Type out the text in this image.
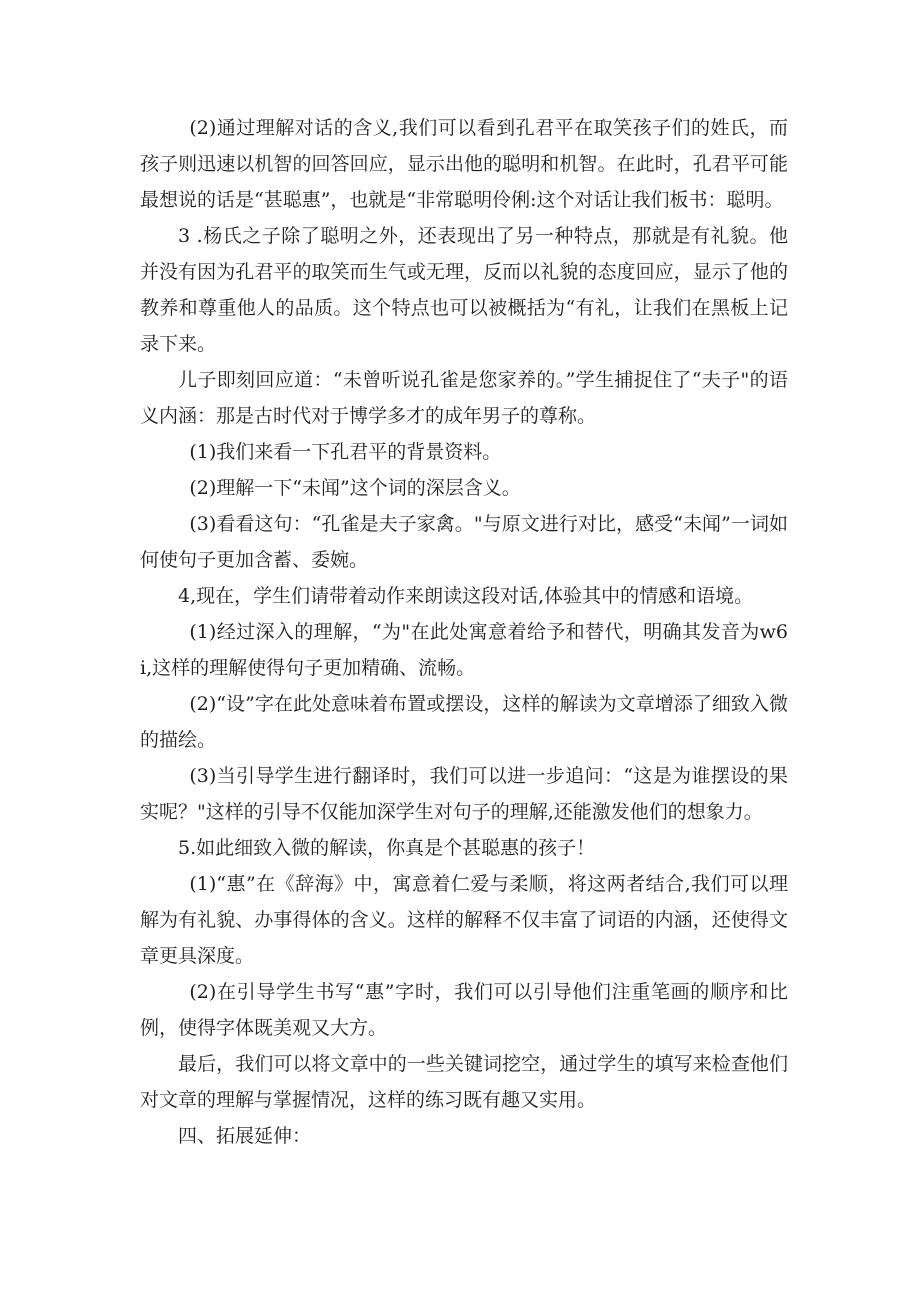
(2)通过理解对话的含义,我们可以看到孔君平在取笑孩子们的姓氏，而孩子则迅速以机智的回答回应，显示出他的聪明和机智。在此时，孔君平可能最想说的话是“甚聪惠”，也就是“非常聪明伶俐:这个对话让我们板书：聪明。

3 .杨氏之子除了聪明之外，还表现出了另一种特点，那就是有礼貌。他并没有因为孔君平的取笑而生气或无理，反而以礼貌的态度回应，显示了他的教养和尊重他人的品质。这个特点也可以被概括为“有礼，让我们在黑板上记录下来。

儿子即刻回应道：“未曾听说孔雀是您家养的。”学生捕捉住了“夫子"的语义内涵：那是古时代对于博学多才的成年男子的尊称。

(1)我们来看一下孔君平的背景资料。

(2)理解一下“未闻”这个词的深层含义。

(3)看看这句：“孔雀是夫子家禽。"与原文进行对比，感受“未闻”一词如何使句子更加含蓄、委婉。

4,现在，学生们请带着动作来朗读这段对话,体验其中的情感和语境。

(1)经过深入的理解，“为"在此处寓意着给予和替代，明确其发音为w6i,这样的理解使得句子更加精确、流畅。

(2)“设”字在此处意味着布置或摆设，这样的解读为文章增添了细致入微的描绘。

(3)当引导学生进行翻译时，我们可以进一步追问：“这是为谁摆设的果实呢？"这样的引导不仅能加深学生对句子的理解,还能激发他们的想象力。

5.如此细致入微的解读，你真是个甚聪惠的孩子！

(1)“惠”在《辞海》中，寓意着仁爱与柔顺，将这两者结合,我们可以理解为有礼貌、办事得体的含义。这样的解释不仅丰富了词语的内涵，还使得文章更具深度。

(2)在引导学生书写“惠”字时，我们可以引导他们注重笔画的顺序和比例，使得字体既美观又大方。

最后，我们可以将文章中的一些关键词挖空，通过学生的填写来检查他们对文章的理解与掌握情况，这样的练习既有趣又实用。

四、拓展延伸：
